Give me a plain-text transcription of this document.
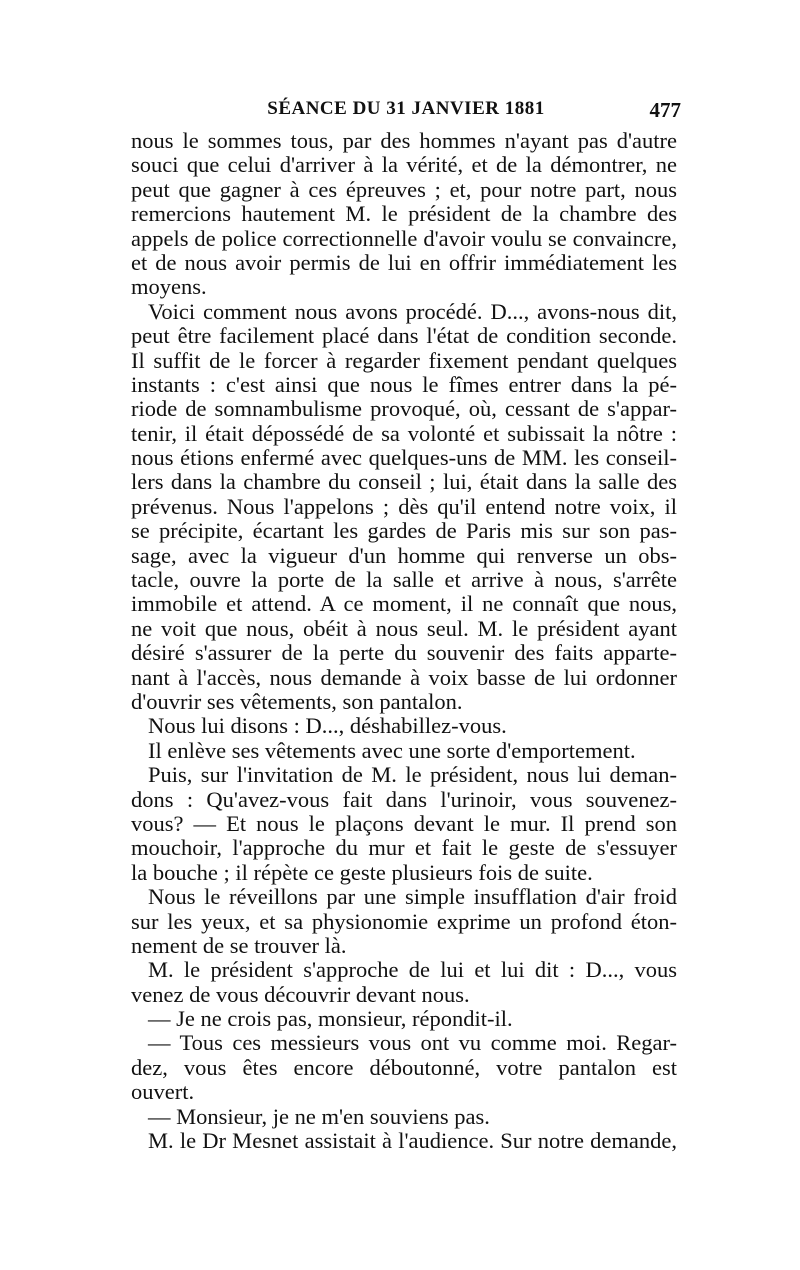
SÉANCE DU 31 JANVIER 1881	477
nous le sommes tous, par des hommes n'ayant pas d'autre
souci que celui d'arriver à la vérité, et de la démontrer, ne
peut que gagner à ces épreuves ; et, pour notre part, nous
remercions hautement M. le président de la chambre des
appels de police correctionnelle d'avoir voulu se convaincre,
et de nous avoir permis de lui en offrir immédiatement les
moyens.
Voici comment nous avons procédé. D..., avons-nous dit,
peut être facilement placé dans l'état de condition seconde.
Il suffit de le forcer à regarder fixement pendant quelques
instants : c'est ainsi que nous le fîmes entrer dans la pé-
riode de somnambulisme provoqué, où, cessant de s'appar-
tenir, il était dépossédé de sa volonté et subissait la nôtre :
nous étions enfermé avec quelques-uns de MM. les conseil-
lers dans la chambre du conseil ; lui, était dans la salle des
prévenus. Nous l'appelons ; dès qu'il entend notre voix, il
se précipite, écartant les gardes de Paris mis sur son pas-
sage, avec la vigueur d'un homme qui renverse un obs-
tacle, ouvre la porte de la salle et arrive à nous, s'arrête
immobile et attend. A ce moment, il ne connaît que nous,
ne voit que nous, obéit à nous seul. M. le président ayant
désiré s'assurer de la perte du souvenir des faits apparte-
nant à l'accès, nous demande à voix basse de lui ordonner
d'ouvrir ses vêtements, son pantalon.
Nous lui disons : D..., déshabillez-vous.
Il enlève ses vêtements avec une sorte d'emportement.
Puis, sur l'invitation de M. le président, nous lui deman-
dons : Qu'avez-vous fait dans l'urinoir, vous souvenez-
vous? — Et nous le plaçons devant le mur. Il prend son
mouchoir, l'approche du mur et fait le geste de s'essuyer
la bouche ; il répète ce geste plusieurs fois de suite.
Nous le réveillons par une simple insufflation d'air froid
sur les yeux, et sa physionomie exprime un profond éton-
nement de se trouver là.
M. le président s'approche de lui et lui dit : D..., vous
venez de vous découvrir devant nous.
— Je ne crois pas, monsieur, répondit-il.
— Tous ces messieurs vous ont vu comme moi. Regar-
dez, vous êtes encore déboutonné, votre pantalon est
ouvert.
— Monsieur, je ne m'en souviens pas.
M. le Dr Mesnet assistait à l'audience. Sur notre demande,
